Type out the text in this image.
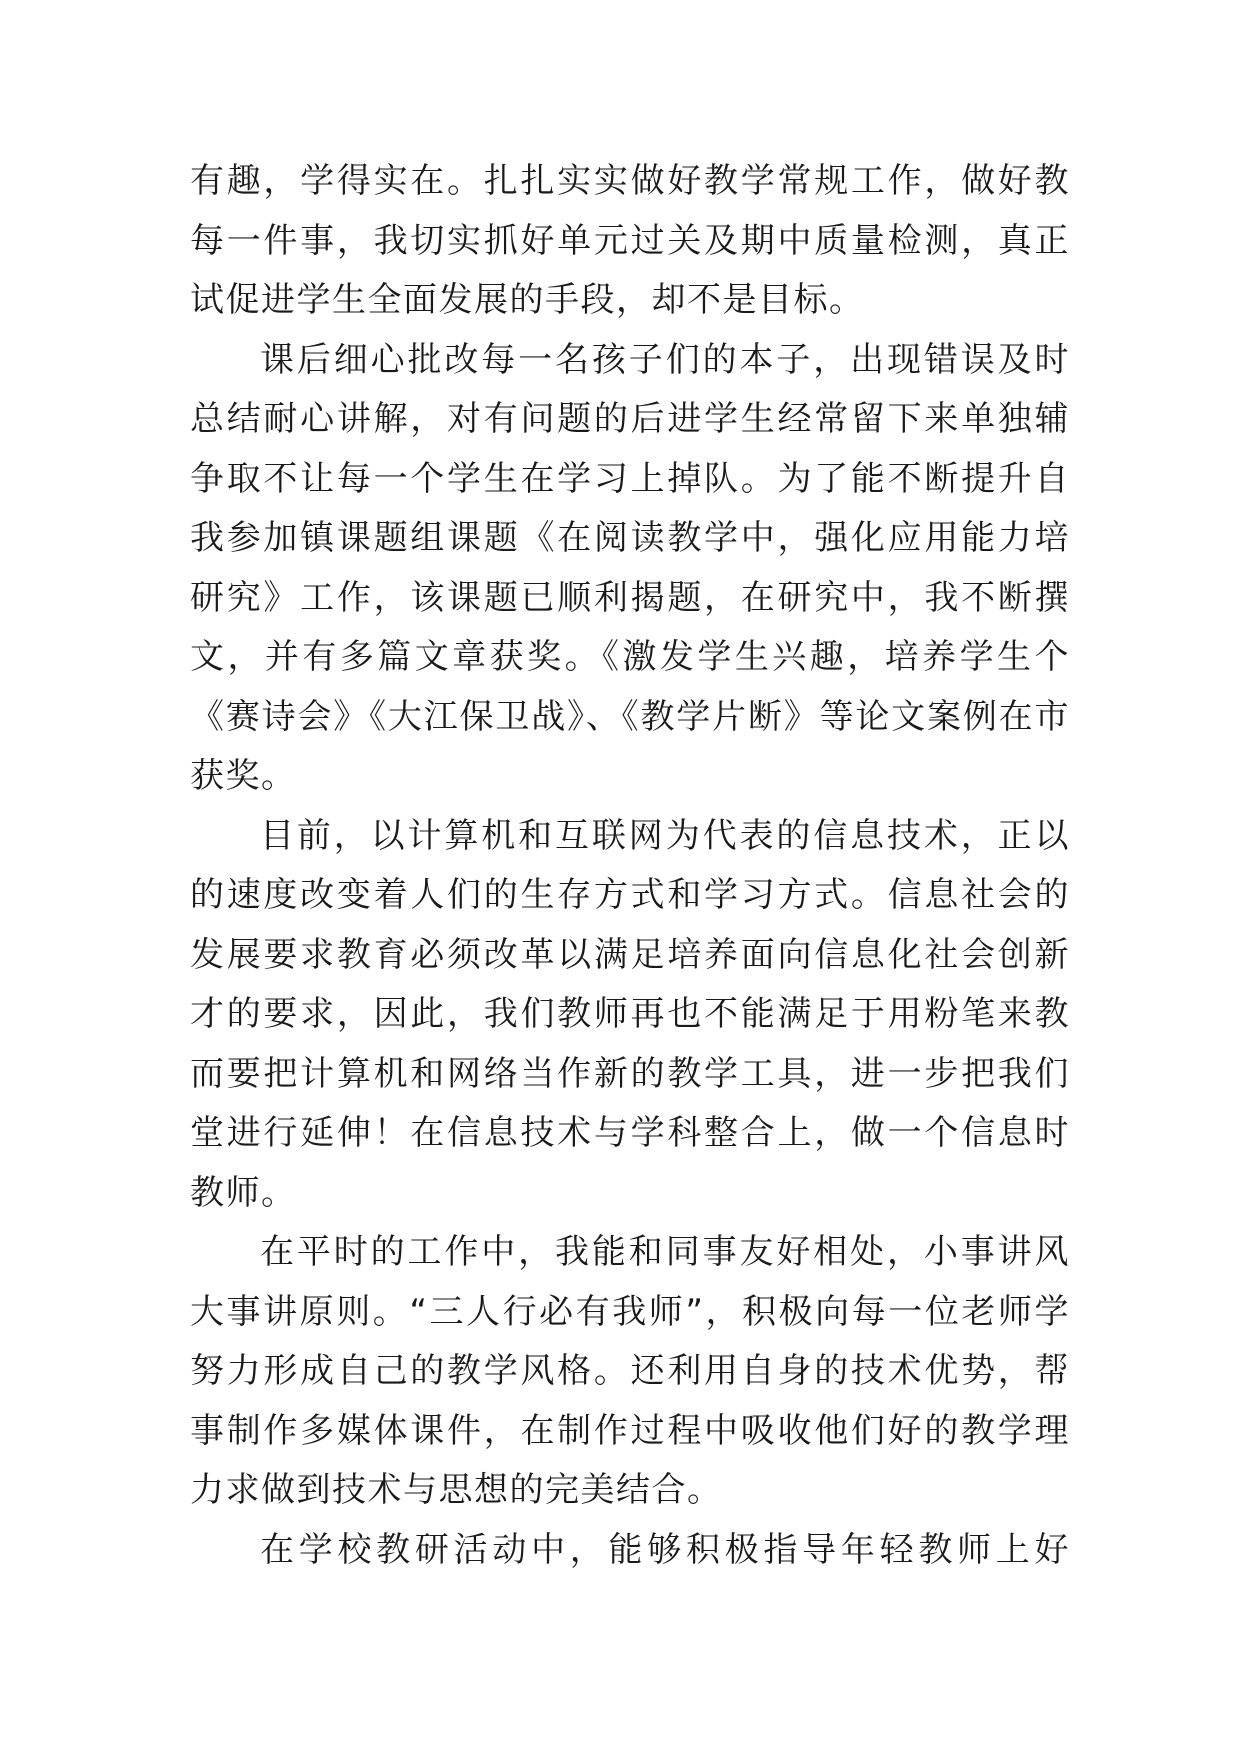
有趣，学得实在。扎扎实实做好教学常规工作，做好教
每一件事，我切实抓好单元过关及期中质量检测，真正
试促进学生全面发展的手段，却不是目标。
课后细心批改每一名孩子们的本子，出现错误及时
总结耐心讲解，对有问题的后进学生经常留下来单独辅
争取不让每一个学生在学习上掉队。为了能不断提升自
我参加镇课题组课题《在阅读教学中，强化应用能力培
研究》工作，该课题已顺利揭题，在研究中，我不断撰
文，并有多篇文章获奖。《激发学生兴趣，培养学生个
《赛诗会》《大江保卫战》、《教学片断》等论文案例在市
获奖。
目前，以计算机和互联网为代表的信息技术，正以
的速度改变着人们的生存方式和学习方式。信息社会的
发展要求教育必须改革以满足培养面向信息化社会创新
才的要求，因此，我们教师再也不能满足于用粉笔来教
而要把计算机和网络当作新的教学工具，进一步把我们
堂进行延伸！在信息技术与学科整合上，做一个信息时
教师。
在平时的工作中，我能和同事友好相处，小事讲风
大事讲原则。“三人行必有我师”，积极向每一位老师学
努力形成自己的教学风格。还利用自身的技术优势，帮
事制作多媒体课件，在制作过程中吸收他们好的教学理
力求做到技术与思想的完美结合。
在学校教研活动中，能够积极指导年轻教师上好
